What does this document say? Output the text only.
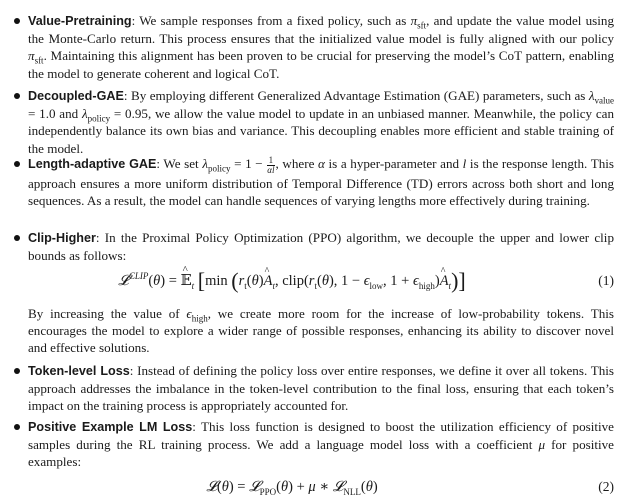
Value-Pretraining: We sample responses from a fixed policy, such as $\pi_{sft}$, and update the value model using the Monte-Carlo return. This process ensures that the initialized value model is fully aligned with our policy $\pi_{sft}$. Maintaining this alignment has been proven to be crucial for preserving the model’s CoT pattern, enabling the model to generate coherent and logical CoT.
Decoupled-GAE: By employing different Generalized Advantage Estimation (GAE) parameters, such as $\lambda_{value} = 1.0$ and $\lambda_{policy} = 0.95$, we allow the value model to update in an unbiased manner. Meanwhile, the policy can independently balance its own bias and variance. This decoupling enables more efficient and stable training of the model.
Length-adaptive GAE: We set $\lambda_{policy} = 1 - \frac{1}{\alpha l}$ , where α is a hyper-parameter and l is the response length. This approach ensures a more uniform distribution of Temporal Difference (TD) errors across both short and long sequences. As a result, the model can handle sequences of varying lengths more effectively during training.
Clip-Higher: In the Proximal Policy Optimization (PPO) algorithm, we decouple the upper and lower clip bounds as follows:
𝓛$^{CLIP}$(θ) = ^ 𝔼$_t$ [min ($r_t(\theta)\^{}$ $A_t$, $clip(r_t(\theta)$, $1 - \epsilon_{low}$, $1 + \epsilon_{high})\^{}$ $A_t$)]	(1)
By increasing the value of $\epsilon_{high}$, we create more room for the increase of low-probability tokens. This encourages the model to explore a wider range of possible responses, enhancing its ability to discover novel and effective solutions.
Token-level Loss: Instead of defining the policy loss over entire responses, we define it over all tokens. This approach addresses the imbalance in the token-level contribution to the final loss, ensuring that each token’s impact on the training process is appropriately accounted for.
Positive Example LM Loss: This loss function is designed to boost the utilization efficiency of positive samples during the RL training process. We add a language model loss with a coefficient μ for positive examples:
𝓛(θ) = 𝓛$_{PPO}$(θ) + μ ∗ 𝓛$_{NLL}$(θ)	(2)
